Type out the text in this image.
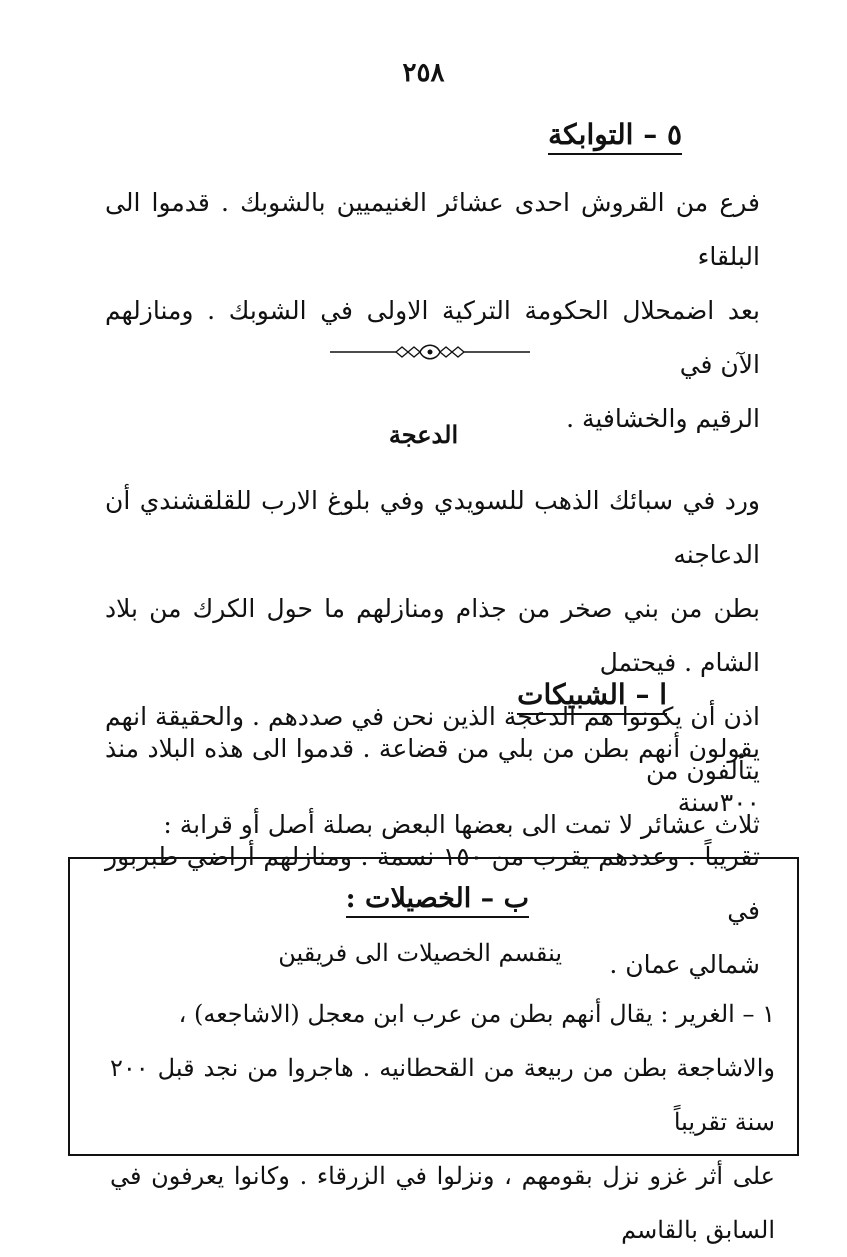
٢٥٨
٥ – التوابكة

فرع من القروش احدى عشائر الغنيميين بالشوبك . قدموا الى البلقاء

بعد اضمحلال الحكومة التركية الاولى في الشوبك . ومنازلهم الآن في

الرقيم والخشافية .

الدعجة

ورد في سبائك الذهب للسويدي وفي بلوغ الارب للقلقشندي أن الدعاجنه

بطن من بني صخر من جذام ومنازلهم ما حول الكرك من بلاد الشام . فيحتمل

اذن أن يكونوا هم الدعجة الذين نحن في صددهم . والحقيقة انهم يتألفون من

ثلاث عشائر لا تمت الى بعضها البعض بصلة أصل أو قرابة :

ا – الشبيكات

يقولون أنهم بطن من بلي من قضاعة . قدموا الى هذه البلاد منذ ٣٠٠سنة

تقريباً . وعددهم يقرب من ١٥٠ نسمة . ومنازلهم أراضي طبربور في

شمالي عمان .

ب – الخصيلات :
ينقسم الخصيلات الى فريقين

١ – الغرير : يقال أنهم بطن من عرب ابن معجل (الاشاجعه) ،

والاشاجعة بطن من ربيعة من القحطانيه . هاجروا من نجد قبل ٢٠٠ سنة تقريباً

على أثر غزو نزل بقومهم ، ونزلوا في الزرقاء . وكانوا يعرفون في السابق بالقاسم
